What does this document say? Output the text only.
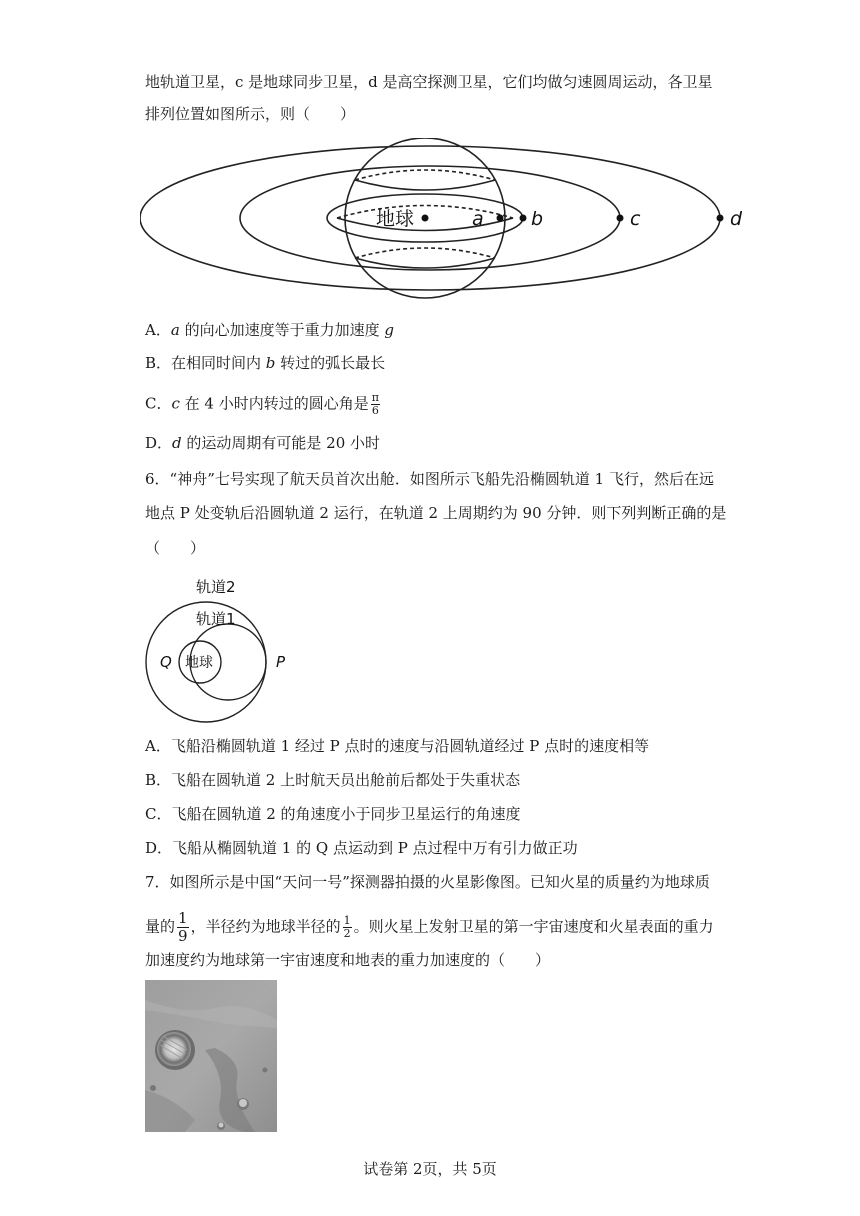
地轨道卫星，c 是地球同步卫星，d 是高空探测卫星，它们均做匀速圆周运动，各卫星
排列位置如图所示，则（　　）
地球	a b	c	d
A．a 的向心加速度等于重力加速度 g
B．在相同时间内 b 转过的弧长最长
C．c 在 4 小时内转过的圆心角是 $\frac{\pi}{6}$
D．d 的运动周期有可能是 20 小时
6．“神舟”七号实现了航天员首次出舱．如图所示飞船先沿椭圆轨道 1 飞行，然后在远
地点 P 处变轨后沿圆轨道 2 运行，在轨道 2 上周期约为 90 分钟．则下列判断正确的是
（　　）
轨道2
轨道1
地球
Q	P
A．飞船沿椭圆轨道 1 经过 P 点时的速度与沿圆轨道经过 P 点时的速度相等
B．飞船在圆轨道 2 上时航天员出舱前后都处于失重状态
C．飞船在圆轨道 2 的角速度小于同步卫星运行的角速度
D．飞船从椭圆轨道 1 的 Q 点运动到 P 点过程中万有引力做正功
7．如图所示是中国“天问一号”探测器拍摄的火星影像图。已知火星的质量约为地球质
量的 $\frac{1}{9}$ ，半径约为地球半径的 $\frac{1}{2}$ 。则火星上发射卫星的第一宇宙速度和火星表面的重力
加速度约为地球第一宇宙速度和地表的重力加速度的（　　）
试卷第 2页，共 5页
